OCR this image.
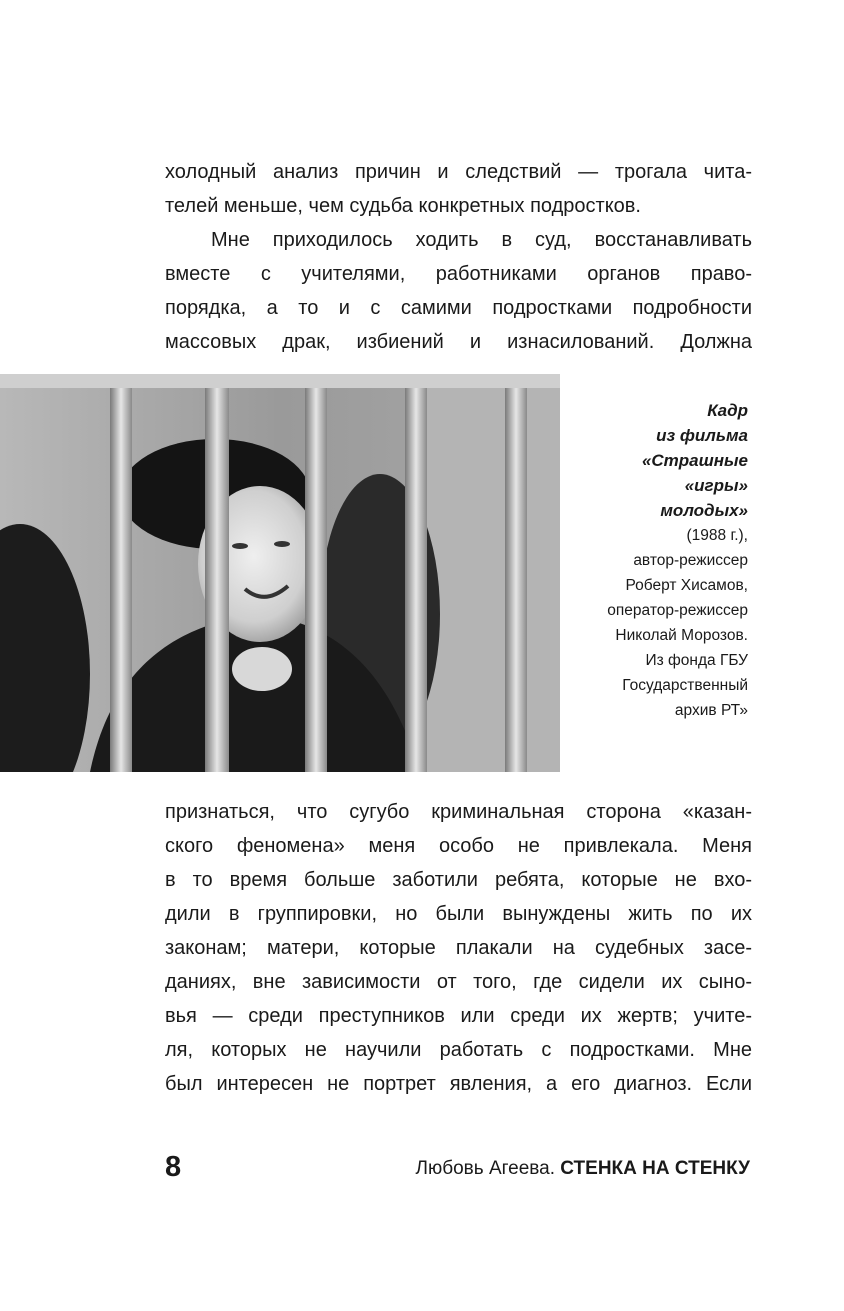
холодный анализ причин и следствий — трогала чита-
телей меньше, чем судьба конкретных подростков.
Мне приходилось ходить в суд, восстанавливать
вместе с учителями, работниками органов право-
порядка, а то и с самими подростками подробности
массовых драк, избиений и изнасилований. Должна
Кадр
из фильма
«Страшные
«игры»
молодых»
(1988 г.),
автор-режиссер
Роберт Хисамов,
оператор-режиссер
Николай Морозов.
Из фонда ГБУ
Государственный
архив РТ»
признаться, что сугубо криминальная сторона «казан-
ского феномена» меня особо не привлекала. Меня
в то время больше заботили ребята, которые не вхо-
дили в группировки, но были вынуждены жить по их
законам; матери, которые плакали на судебных засе-
даниях, вне зависимости от того, где сидели их сыно-
вья — среди преступников или среди их жертв; учите-
ля, которых не научили работать с подростками. Мне
был интересен не портрет явления, а его диагноз. Если
8	Любовь Агеева. СТЕНКА НА СТЕНКУ
